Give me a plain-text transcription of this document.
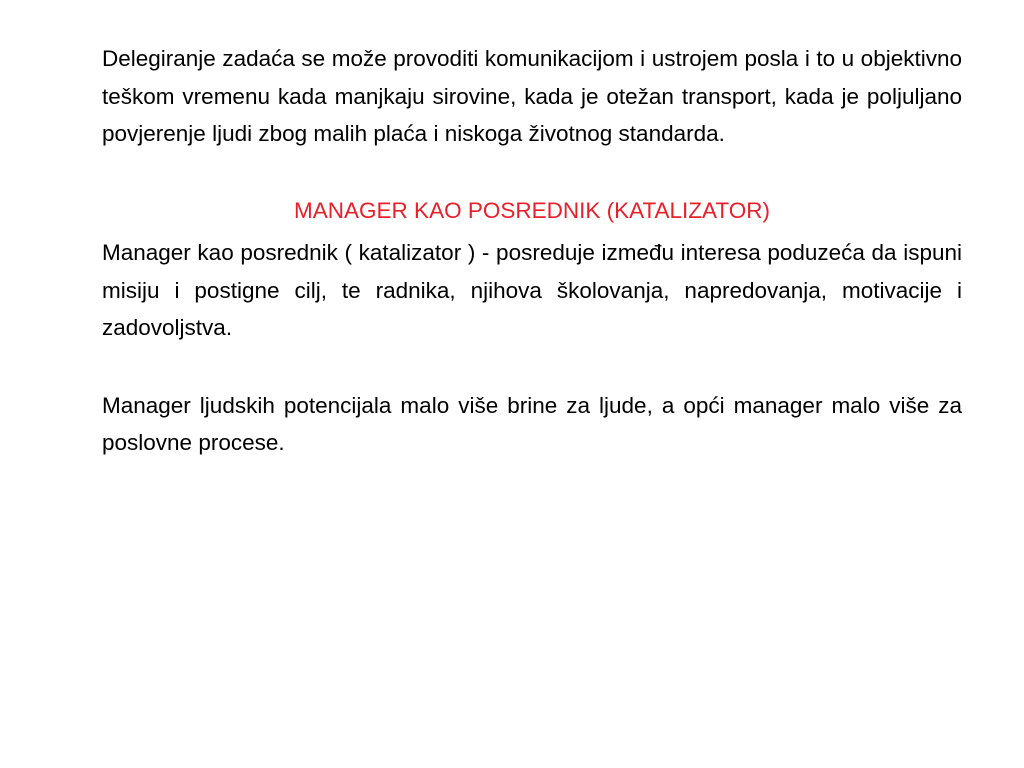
Delegiranje zadaća se može provoditi komunikacijom i ustrojem posla i to u objektivno teškom vremenu kada manjkaju sirovine, kada je otežan transport, kada je poljuljano povjerenje ljudi zbog malih plaća i niskoga životnog standarda.

MANAGER KAO POSREDNIK (KATALIZATOR)

Manager kao posrednik ( katalizator ) - posreduje između interesa poduzeća da ispuni misiju i postigne cilj, te radnika, njihova školovanja, napredovanja, motivacije i zadovoljstva.

Manager ljudskih potencijala malo više brine za ljude, a opći manager malo više za poslovne procese.
